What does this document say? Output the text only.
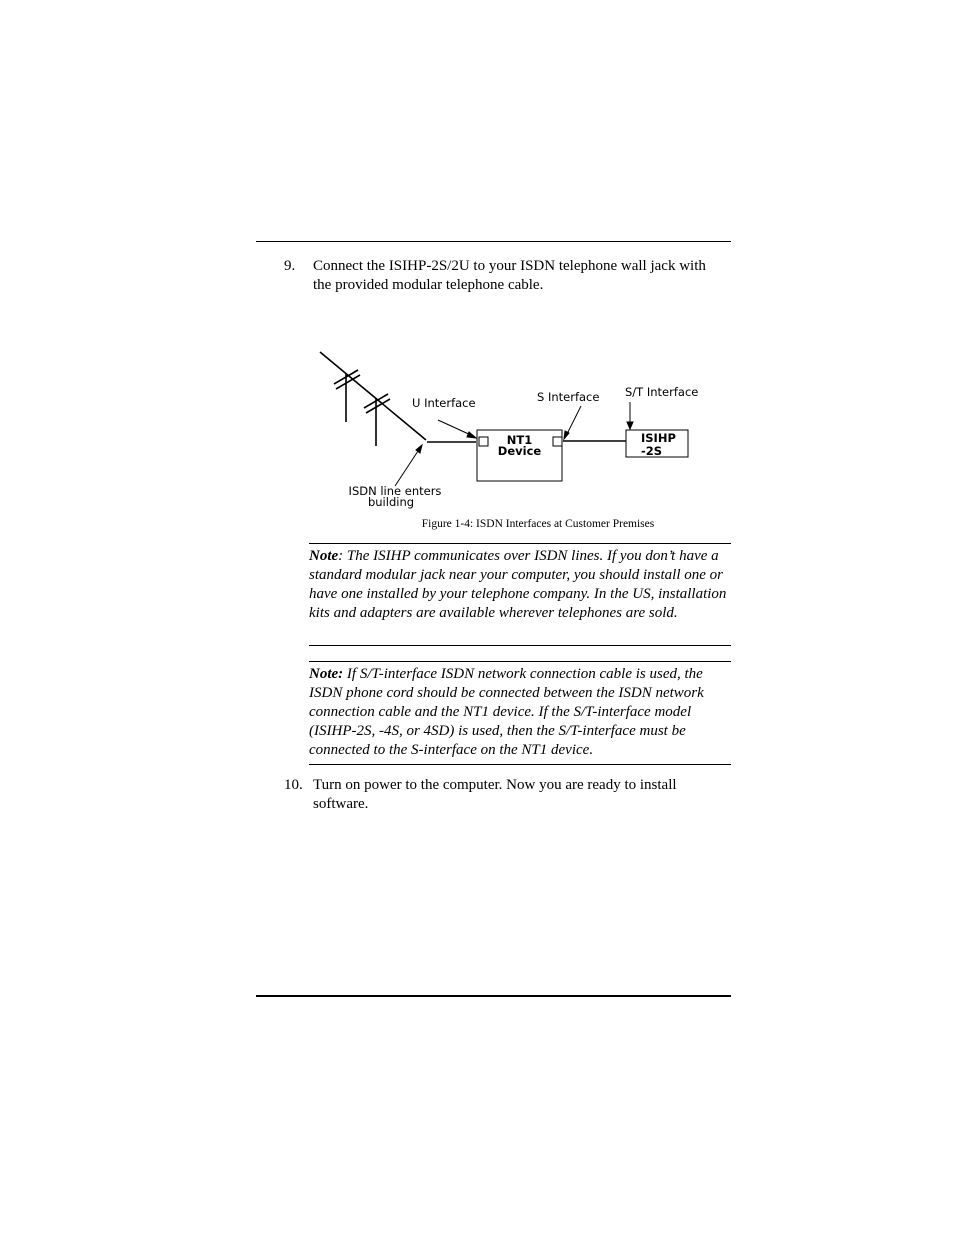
9. Connect the ISIHP-2S/2U to your ISDN telephone wall jack with
the provided modular telephone cable.
NT1
Device
ISIHP
-2S
U Interface	S Interface S/T Interface
ISDN line enters
building
Figure 1-4: ISDN Interfaces at Customer Premises
Note: The ISIHP communicates over ISDN lines. If you don’t have a standard modular jack near your computer, you should install one or have one installed by your telephone company. In the US, installation kits and adapters are available wherever telephones are sold.
Note: If S/T-interface ISDN network connection cable is used, the ISDN phone cord should be connected between the ISDN network connection cable and the NT1 device. If the S/T-interface model (ISIHP-2S, -4S, or 4SD) is used, then the S/T-interface must be connected to the S-interface on the NT1 device.
10. Turn on power to the computer. Now you are ready to install
software.
